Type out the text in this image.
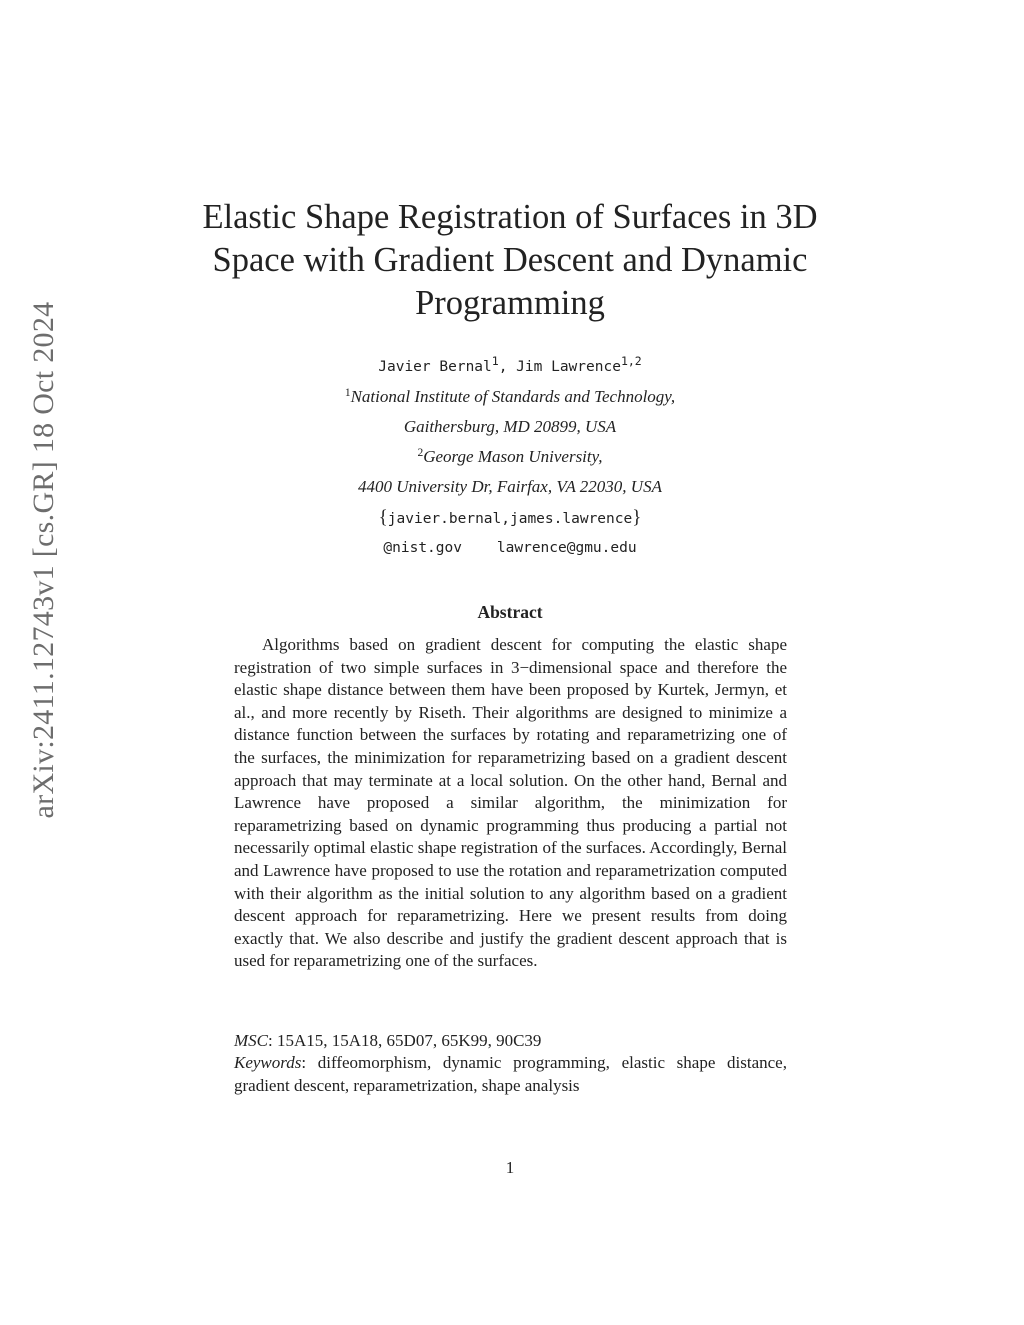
arXiv:2411.12743v1 [cs.GR] 18 Oct 2024
Elastic Shape Registration of Surfaces in 3D
Space with Gradient Descent and Dynamic
Programming
Javier Bernal$^1$, Jim Lawrence$^{1,2}$
$^1$National Institute of Standards and Technology,
Gaithersburg, MD 20899, USA
$^2$George Mason University,
4400 University Dr, Fairfax, VA 22030, USA
{javier.bernal,james.lawrence}
@nist.gov lawrence@gmu.edu
Abstract
Algorithms based on gradient descent for computing the elastic shape registration of two simple surfaces in 3−dimensional space and therefore the elastic shape distance between them have been proposed by Kurtek, Jermyn, et al., and more recently by Riseth. Their algorithms are designed to minimize a distance function between the surfaces by rotating and reparametrizing one of the surfaces, the minimization for reparametrizing based on a gradient descent approach that may terminate at a local solution. On the other hand, Bernal and Lawrence have proposed a similar algorithm, the minimization for reparametrizing based on dynamic programming thus producing a partial not necessarily optimal elastic shape registration of the surfaces. Accordingly, Bernal and Lawrence have proposed to use the rotation and reparametrization computed with their algorithm as the initial solution to any algorithm based on a gradient descent approach for reparametrizing. Here we present results from doing exactly that. We also describe and justify the gradient descent approach that is used for reparametrizing one of the surfaces.
MSC: 15A15, 15A18, 65D07, 65K99, 90C39
Keywords: diffeomorphism, dynamic programming, elastic shape distance, gradient descent, reparametrization, shape analysis
1
